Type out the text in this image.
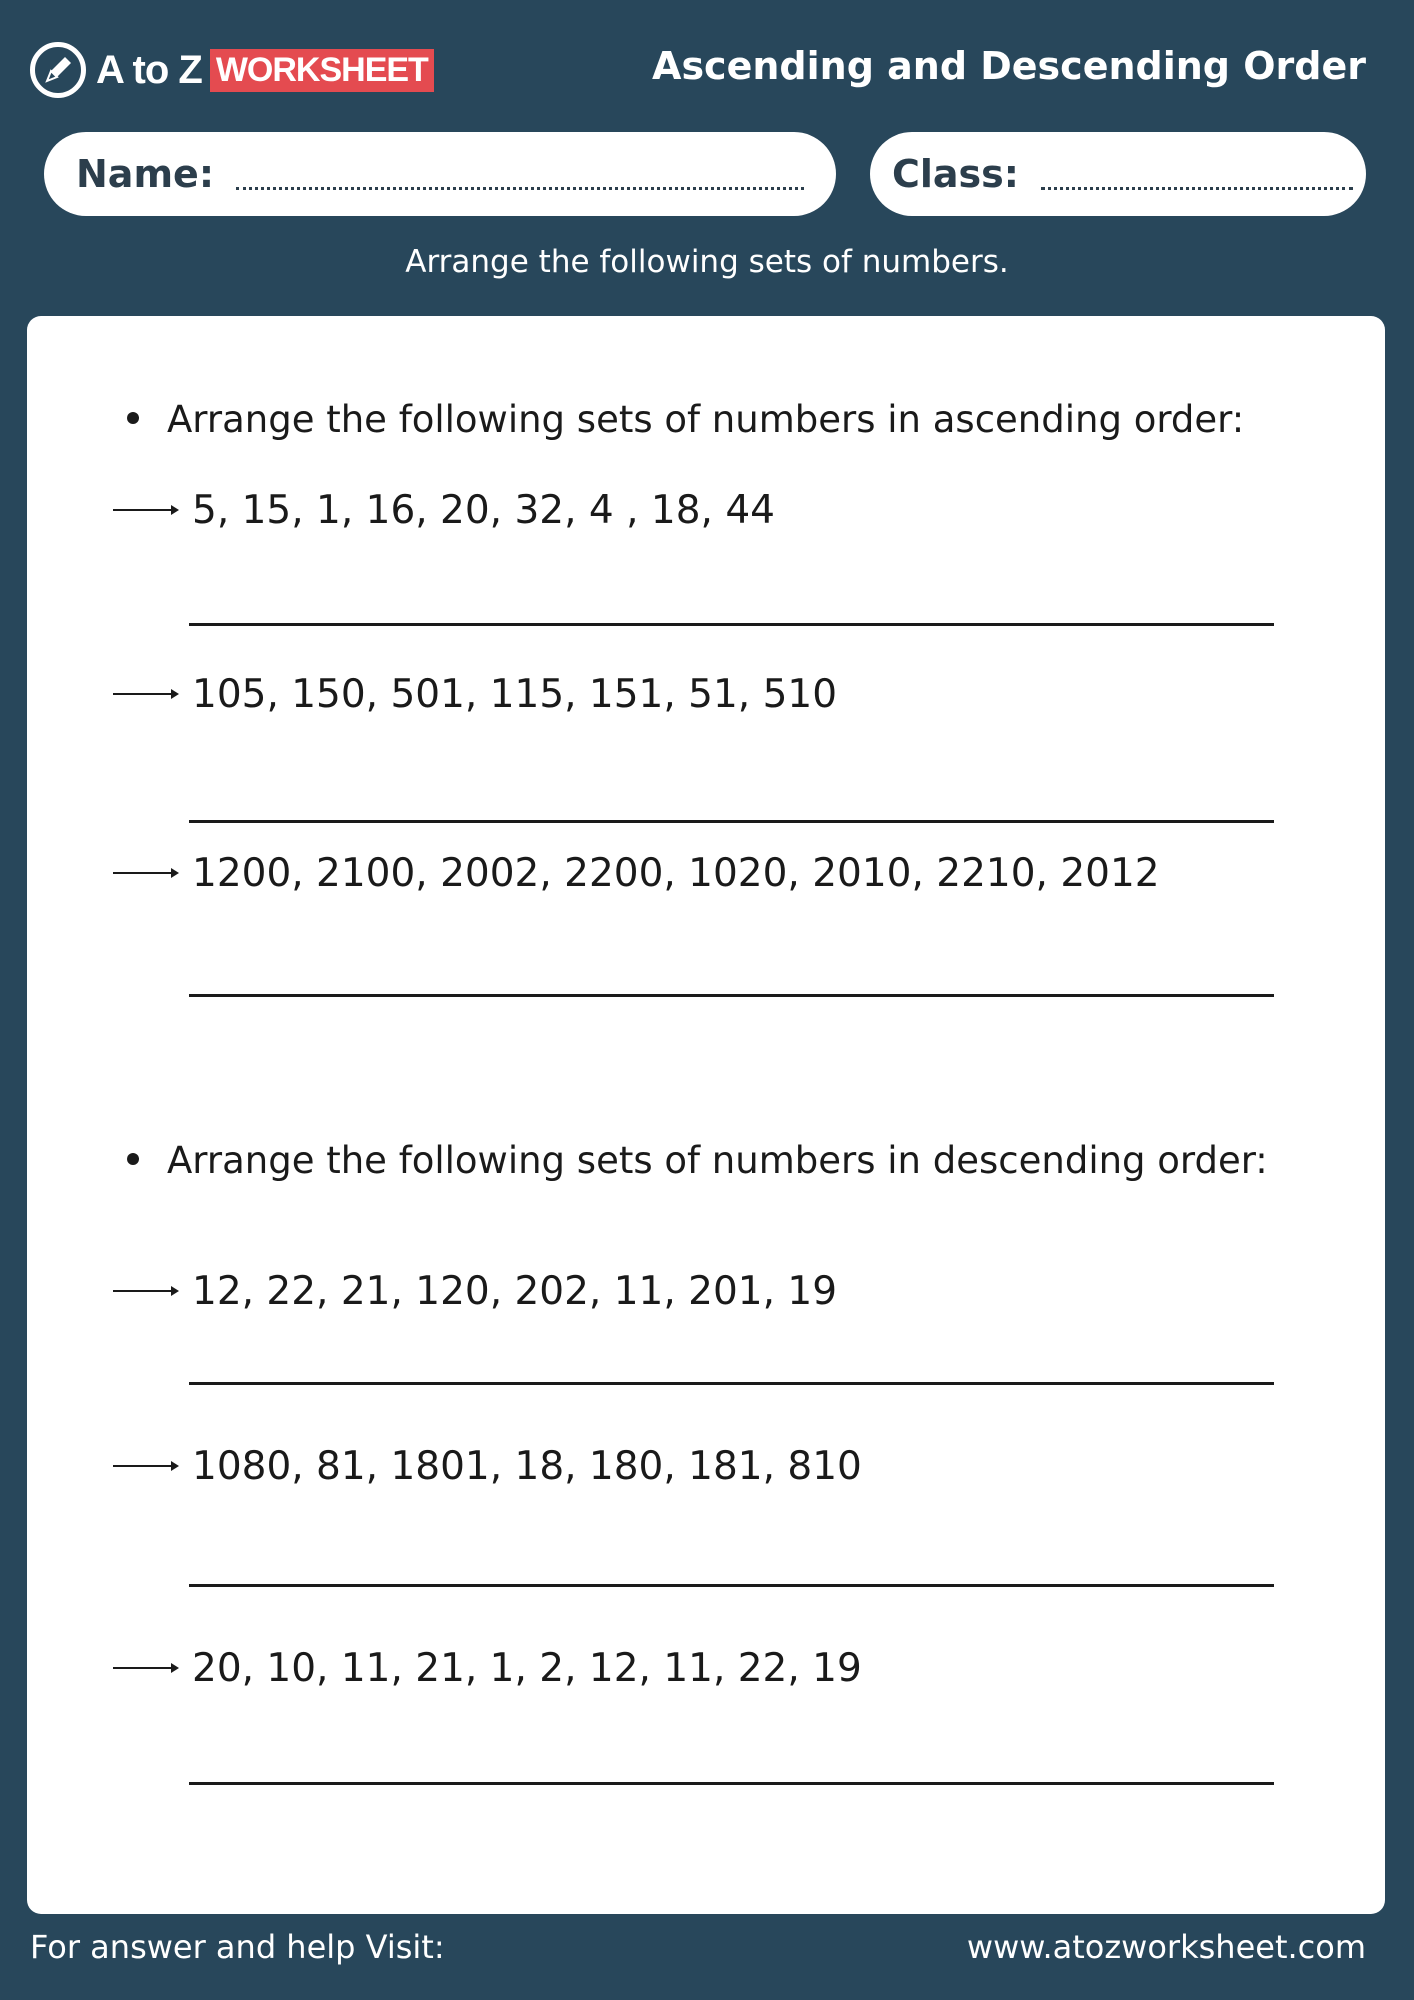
A to Z WORKSHEET	Ascending and Descending Order
Name:	Class:
Arrange the following sets of numbers.

Arrange the following sets of numbers in ascending order:

5, 15, 1, 16, 20, 32, 4 , 18, 44
105, 150, 501, 115, 151, 51, 510
1200, 2100, 2002, 2200, 1020, 2010, 2210, 2012

Arrange the following sets of numbers in descending order:

12, 22, 21, 120, 202, 11, 201, 19
1080, 81, 1801, 18, 180, 181, 810
20, 10, 11, 21, 1, 2, 12, 11, 22, 19
For answer and help Visit:	www.atozworksheet.com
